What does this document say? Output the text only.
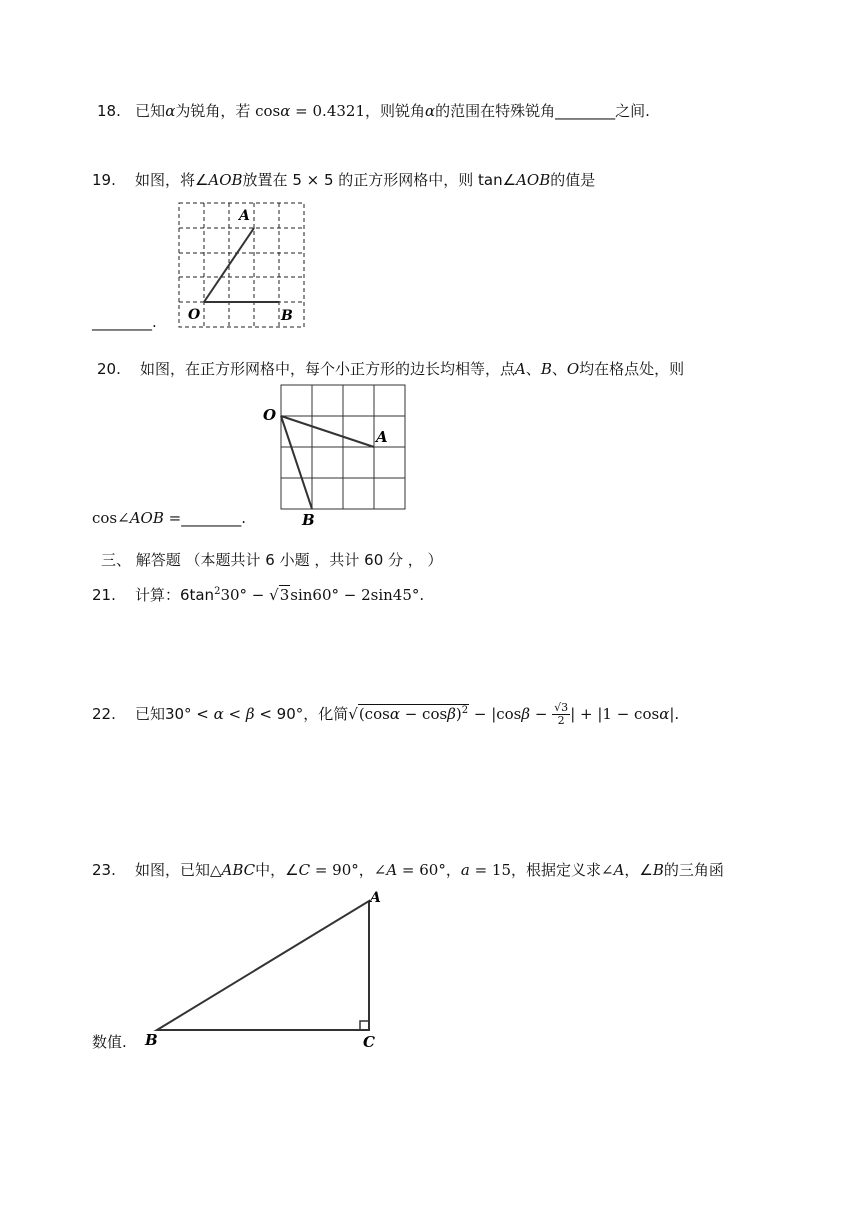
18. 已知α为锐角，若 cosα = 0.4321，则锐角α的范围在特殊锐角________之间.
19. 如图，将∠AOB放置在 5 × 5 的正方形网格中，则 tan∠AOB的值是
________.
A
O	B
20. 如图，在正方形网格中，每个小正方形的边长均相等，点A、B、O均在格点处，则
cos∠AOB =________.
O
A
B
三、 解答题 （本题共计 6 小题 ，共计 60 分 ， ）
21. 计算：$6\tan^230^\circ - √3\sin 60^\circ - 2\sin 45^\circ$.
22. 已知30° < α < β < 90°，化简$√(\cos\alpha - \cos\beta)^2 - |\cos\beta - \frac{√3}{2}$ | + |1 − cosα|.
23. 如图，已知△ABC中，∠C = 90°，∠A = 60°，a = 15，根据定义求∠A，∠B的三角函
数值.
A
B	C
